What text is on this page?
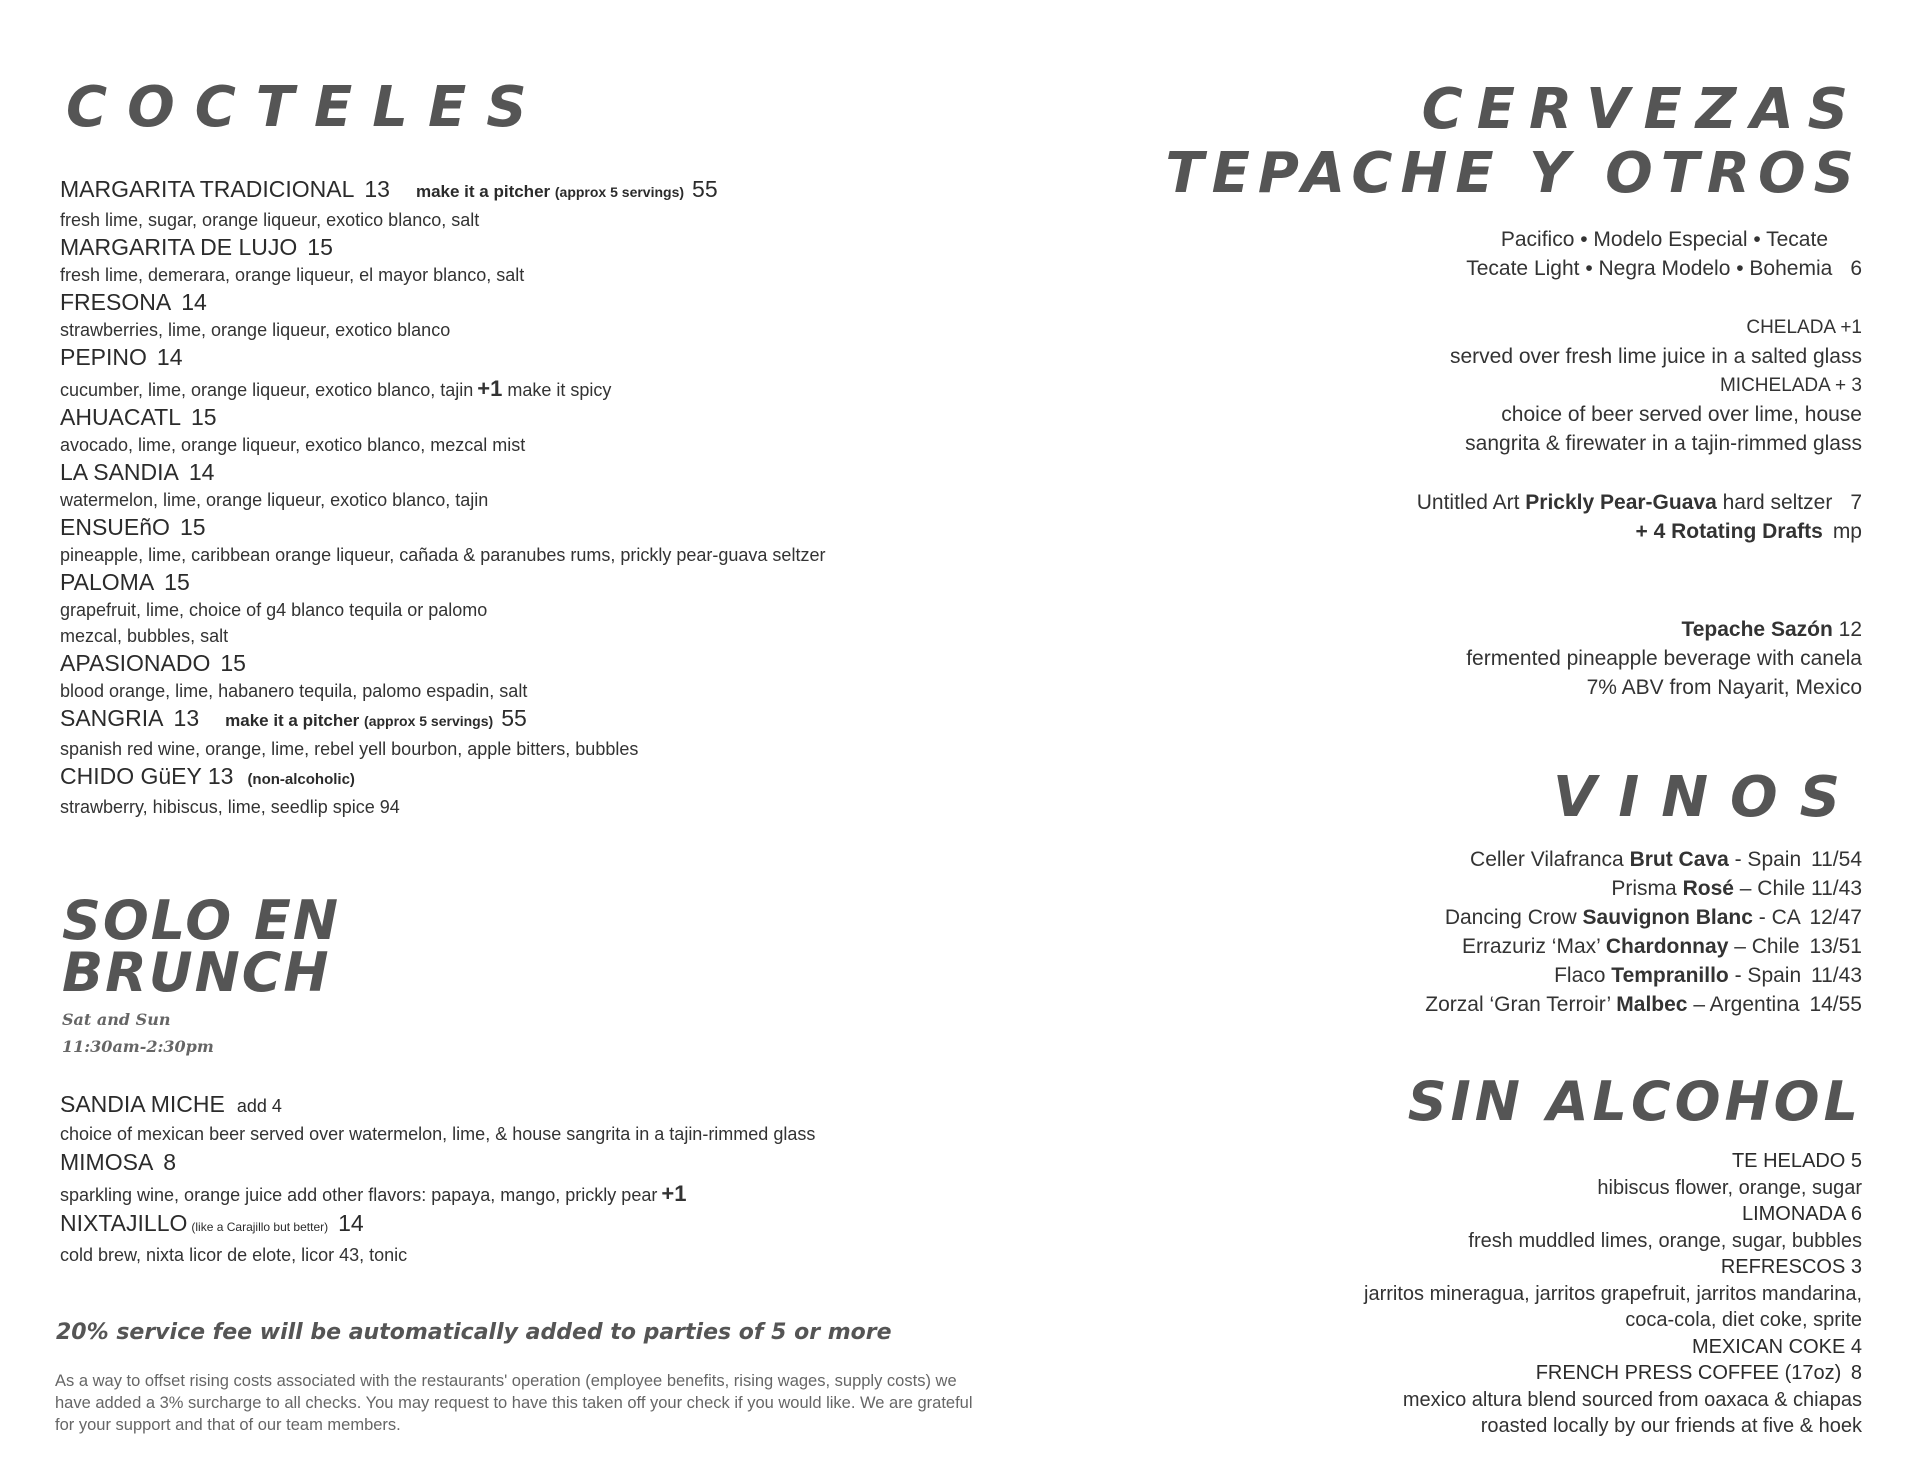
COCTELES
MARGARITA TRADICIONAL 13 make it a pitcher (approx 5 servings) 55
fresh lime, sugar, orange liqueur, exotico blanco, salt
MARGARITA DE LUJO 15
fresh lime, demerara, orange liqueur, el mayor blanco, salt
FRESONA 14
strawberries, lime, orange liqueur, exotico blanco
PEPINO 14
cucumber, lime, orange liqueur, exotico blanco, tajin +1 make it spicy
AHUACATL 15
avocado, lime, orange liqueur, exotico blanco, mezcal mist
LA SANDIA 14
watermelon, lime, orange liqueur, exotico blanco, tajin
ENSUEñO 15
pineapple, lime, caribbean orange liqueur, cañada & paranubes rums, prickly pear-guava seltzer
PALOMA 15
grapefruit, lime, choice of g4 blanco tequila or palomo
mezcal, bubbles, salt
APASIONADO 15
blood orange, lime, habanero tequila, palomo espadin, salt
SANGRIA 13 make it a pitcher (approx 5 servings) 55
spanish red wine, orange, lime, rebel yell bourbon, apple bitters, bubbles
CHIDO GüEY 13 (non-alcoholic)
strawberry, hibiscus, lime, seedlip spice 94
SOLO EN
BRUNCH
Sat and Sun
11:30am-2:30pm
SANDIA MICHE add 4
choice of mexican beer served over watermelon, lime, & house sangrita in a tajin-rimmed glass
MIMOSA 8
sparkling wine, orange juice add other flavors: papaya, mango, prickly pear +1
NIXTAJILLO (like a Carajillo but better) 14
cold brew, nixta licor de elote, licor 43, tonic

20% service fee will be automatically added to parties of 5 or more

As a way to offset rising costs associated with the restaurants' operation (employee benefits, rising wages, supply costs) we have added a 3% surcharge to all checks. You may request to have this taken off your check if you would like. We are grateful for your support and that of our team members.

CERVEZAS
TEPACHE Y OTROS

Pacifico • Modelo Especial • Tecate

Tecate Light • Negra Modelo • Bohemia 6

CHELADA +1

served over fresh lime juice in a salted glass

MICHELADA + 3

choice of beer served over lime, house

sangrita & firewater in a tajin-rimmed glass

Untitled Art Prickly Pear-Guava hard seltzer 7

+ 4 Rotating Drafts mp

Tepache Sazón 12

fermented pineapple beverage with canela

7% ABV from Nayarit, Mexico

VINOS

Celler Vilafranca Brut Cava - Spain 11/54

Prisma Rosé – Chile 11/43

Dancing Crow Sauvignon Blanc - CA 12/47

Errazuriz ‘Max’ Chardonnay – Chile 13/51

Flaco Tempranillo - Spain 11/43

Zorzal ‘Gran Terroir’ Malbec – Argentina 14/55

SIN ALCOHOL

TE HELADO 5

hibiscus flower, orange, sugar

LIMONADA 6

fresh muddled limes, orange, sugar, bubbles

REFRESCOS 3

jarritos mineragua, jarritos grapefruit, jarritos mandarina,

coca-cola, diet coke, sprite

MEXICAN COKE 4

FRENCH PRESS COFFEE (17oz) 8

mexico altura blend sourced from oaxaca & chiapas

roasted locally by our friends at five & hoek
